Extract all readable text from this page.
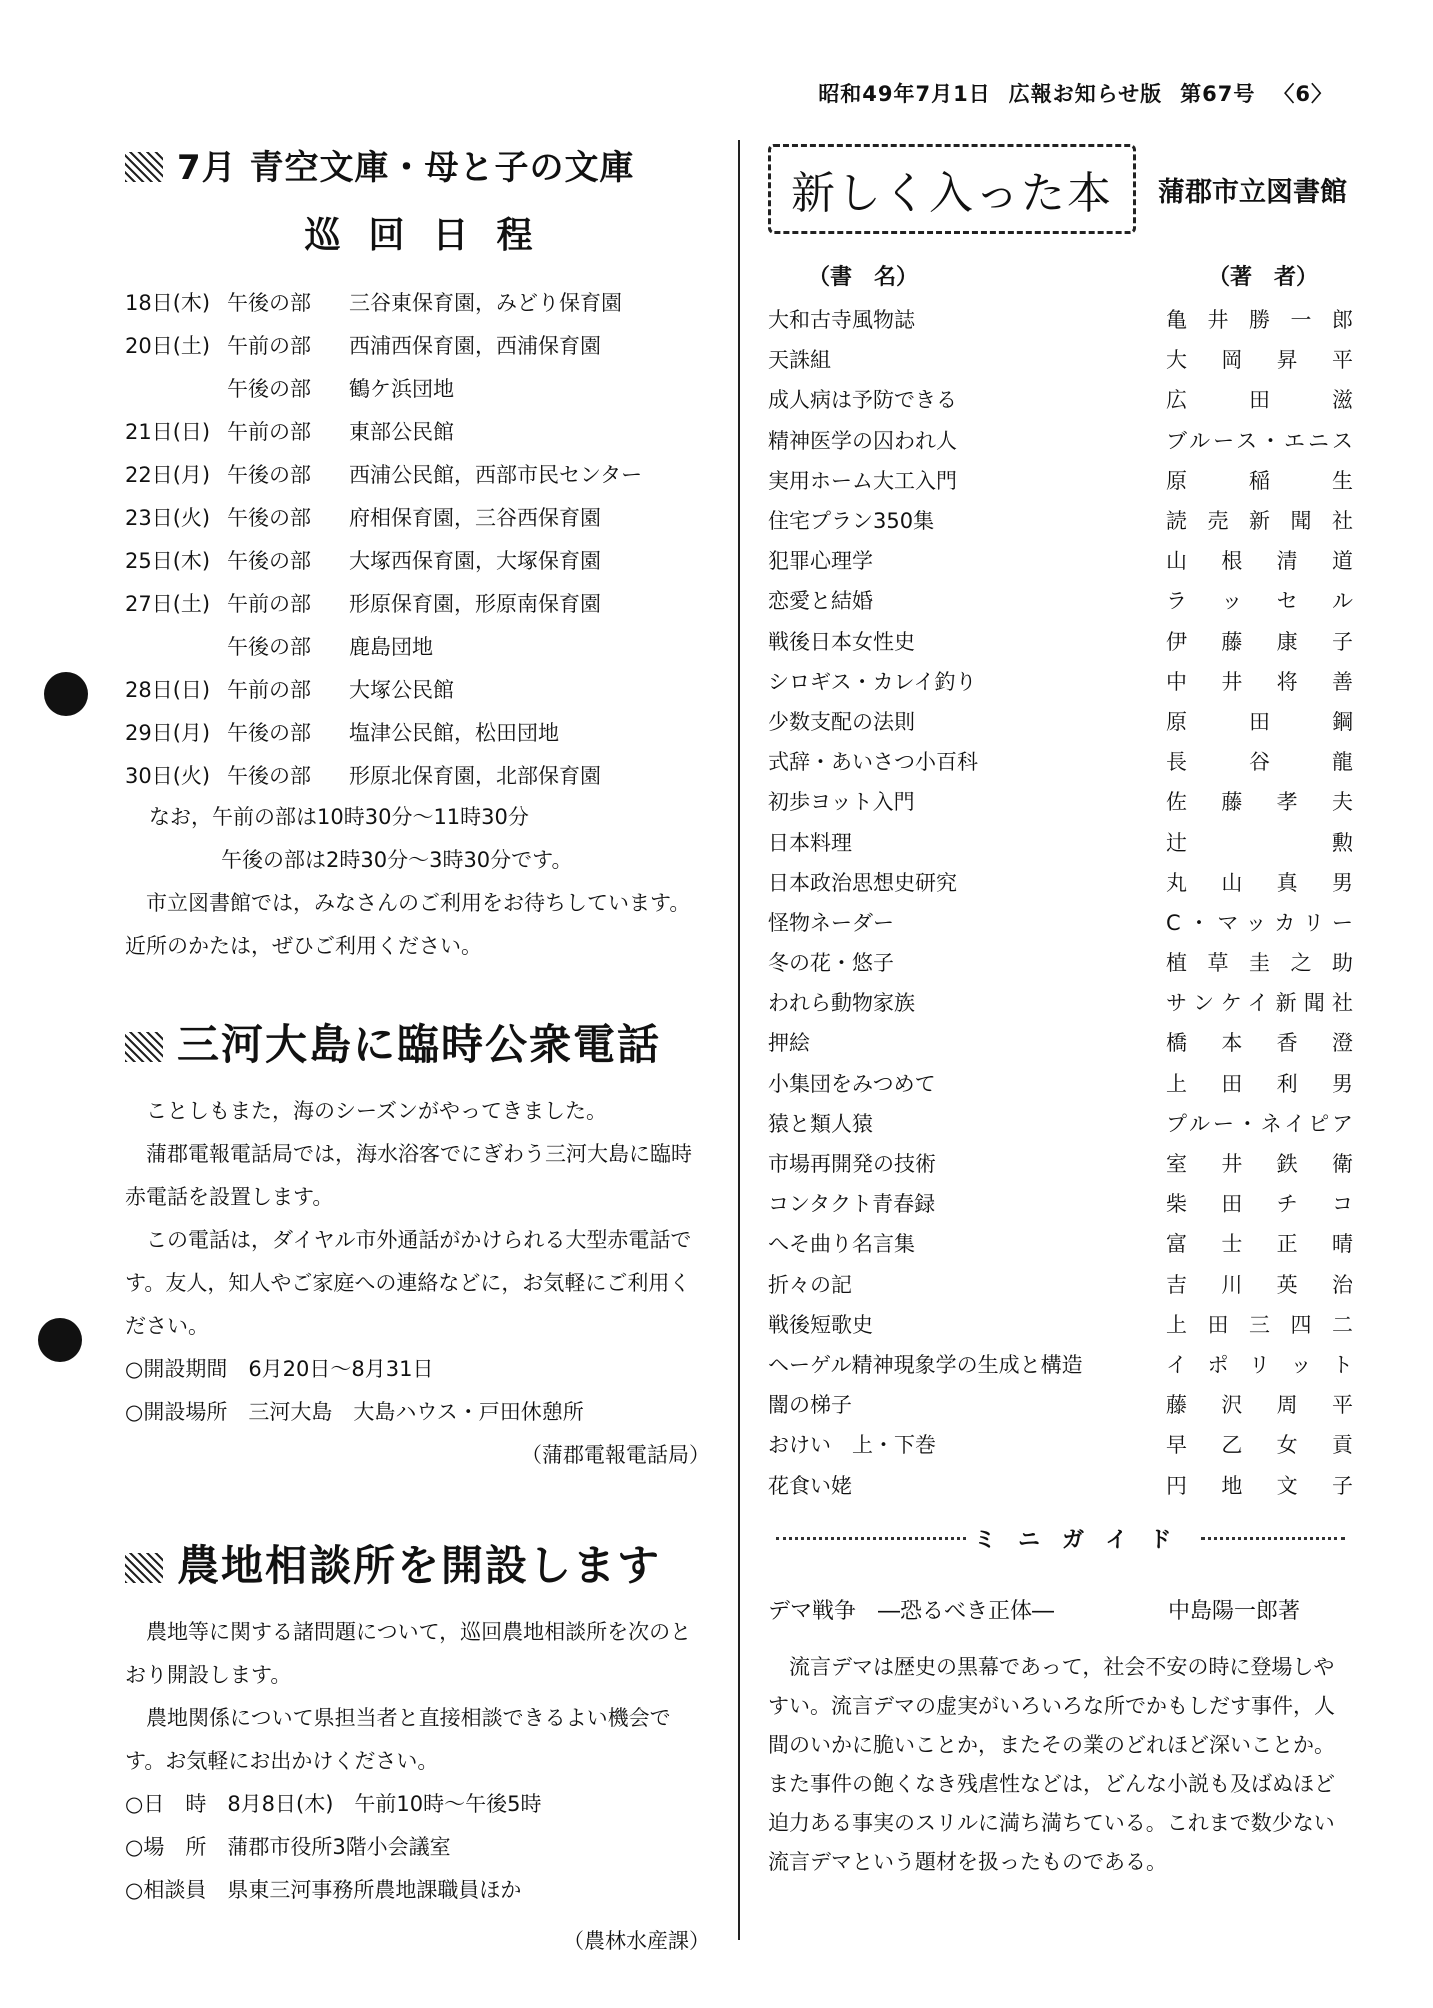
昭和49年7月1日 広報お知らせ版 第67号 〈6〉
7月 青空文庫・母と子の文庫
巡回日程
18日(木) 午後の部	三谷東保育園，みどり保育園
20日(土) 午前の部	西浦西保育園，西浦保育園
午後の部	鶴ケ浜団地
21日(日) 午前の部	東部公民館
22日(月) 午後の部	西浦公民館，西部市民センター
23日(火) 午後の部	府相保育園，三谷西保育園
25日(木) 午後の部	大塚西保育園，大塚保育園
27日(土) 午前の部	形原保育園，形原南保育園
午後の部	鹿島団地
28日(日) 午前の部	大塚公民館
29日(月) 午後の部	塩津公民館，松田団地
30日(火) 午後の部	形原北保育園，北部保育園
なお，午前の部は10時30分〜11時30分
午後の部は2時30分〜3時30分です。

市立図書館では，みなさんのご利用をお待ちしています。近所のかたは，ぜひご利用ください。

三河大島に臨時公衆電話

ことしもまた，海のシーズンがやってきました。

蒲郡電報電話局では，海水浴客でにぎわう三河大島に臨時赤電話を設置します。

この電話は，ダイヤル市外通話がかけられる大型赤電話です。友人，知人やご家庭への連絡などに，お気軽にご利用ください。

○開設期間　6月20日〜8月31日
○開設場所　三河大島　大島ハウス・戸田休憩所
（蒲郡電報電話局）
農地相談所を開設します

農地等に関する諸問題について，巡回農地相談所を次のとおり開設します。

農地関係について県担当者と直接相談できるよい機会です。お気軽にお出かけください。

○日　時　8月8日(木)　午前10時〜午後5時
○場　所　蒲郡市役所3階小会議室
○相談員　県東三河事務所農地課職員ほか
（農林水産課）
新しく入った本	蒲郡市立図書館
（書　名）	（著　者）
大和古寺風物誌	亀 井 勝 一 郎
天誅組	大 岡 昇 平
成人病は予防できる	広	田	滋
精神医学の囚われ人	ブルース・エニス
実用ホーム大工入門	原	稲	生
住宅プラン350集	読 売 新 聞 社
犯罪心理学	山 根 清 道
恋愛と結婚	ラ ッ セ ル
戦後日本女性史	伊 藤 康 子
シロギス・カレイ釣り	中 井 将 善
少数支配の法則	原	田	鋼
式辞・あいさつ小百科	長	谷	龍
初歩ヨット入門	佐 藤 孝 夫
日本料理	辻	勲
日本政治思想史研究	丸 山 真 男
怪物ネーダー	C・マッカリー
冬の花・悠子	植 草 圭 之 助
われら動物家族	サンケイ新聞社
押絵	橋 本 香 澄
小集団をみつめて	上 田 利 男
猿と類人猿	プルー・ネイピア
市場再開発の技術	室 井 鉄 衛
コンタクト青春録	柴 田 チ コ
へそ曲り名言集	富 士 正 晴
折々の記	吉 川 英 治
戦後短歌史	上 田 三 四 二
ヘーゲル精神現象学の生成と構造	イ ポ リ ッ ト
闇の梯子	藤 沢 周 平
おけい　上・下巻	早 乙 女 貢
花食い姥	円 地 文 子
ミニガイド
デマ戦争　―恐るべき正体―	中島陽一郎著

流言デマは歴史の黒幕であって，社会不安の時に登場しやすい。流言デマの虚実がいろいろな所でかもしだす事件，人間のいかに脆いことか，またその業のどれほど深いことか。また事件の飽くなき残虐性などは，どんな小説も及ばぬほど迫力ある事実のスリルに満ち満ちている。これまで数少ない流言デマという題材を扱ったものである。
